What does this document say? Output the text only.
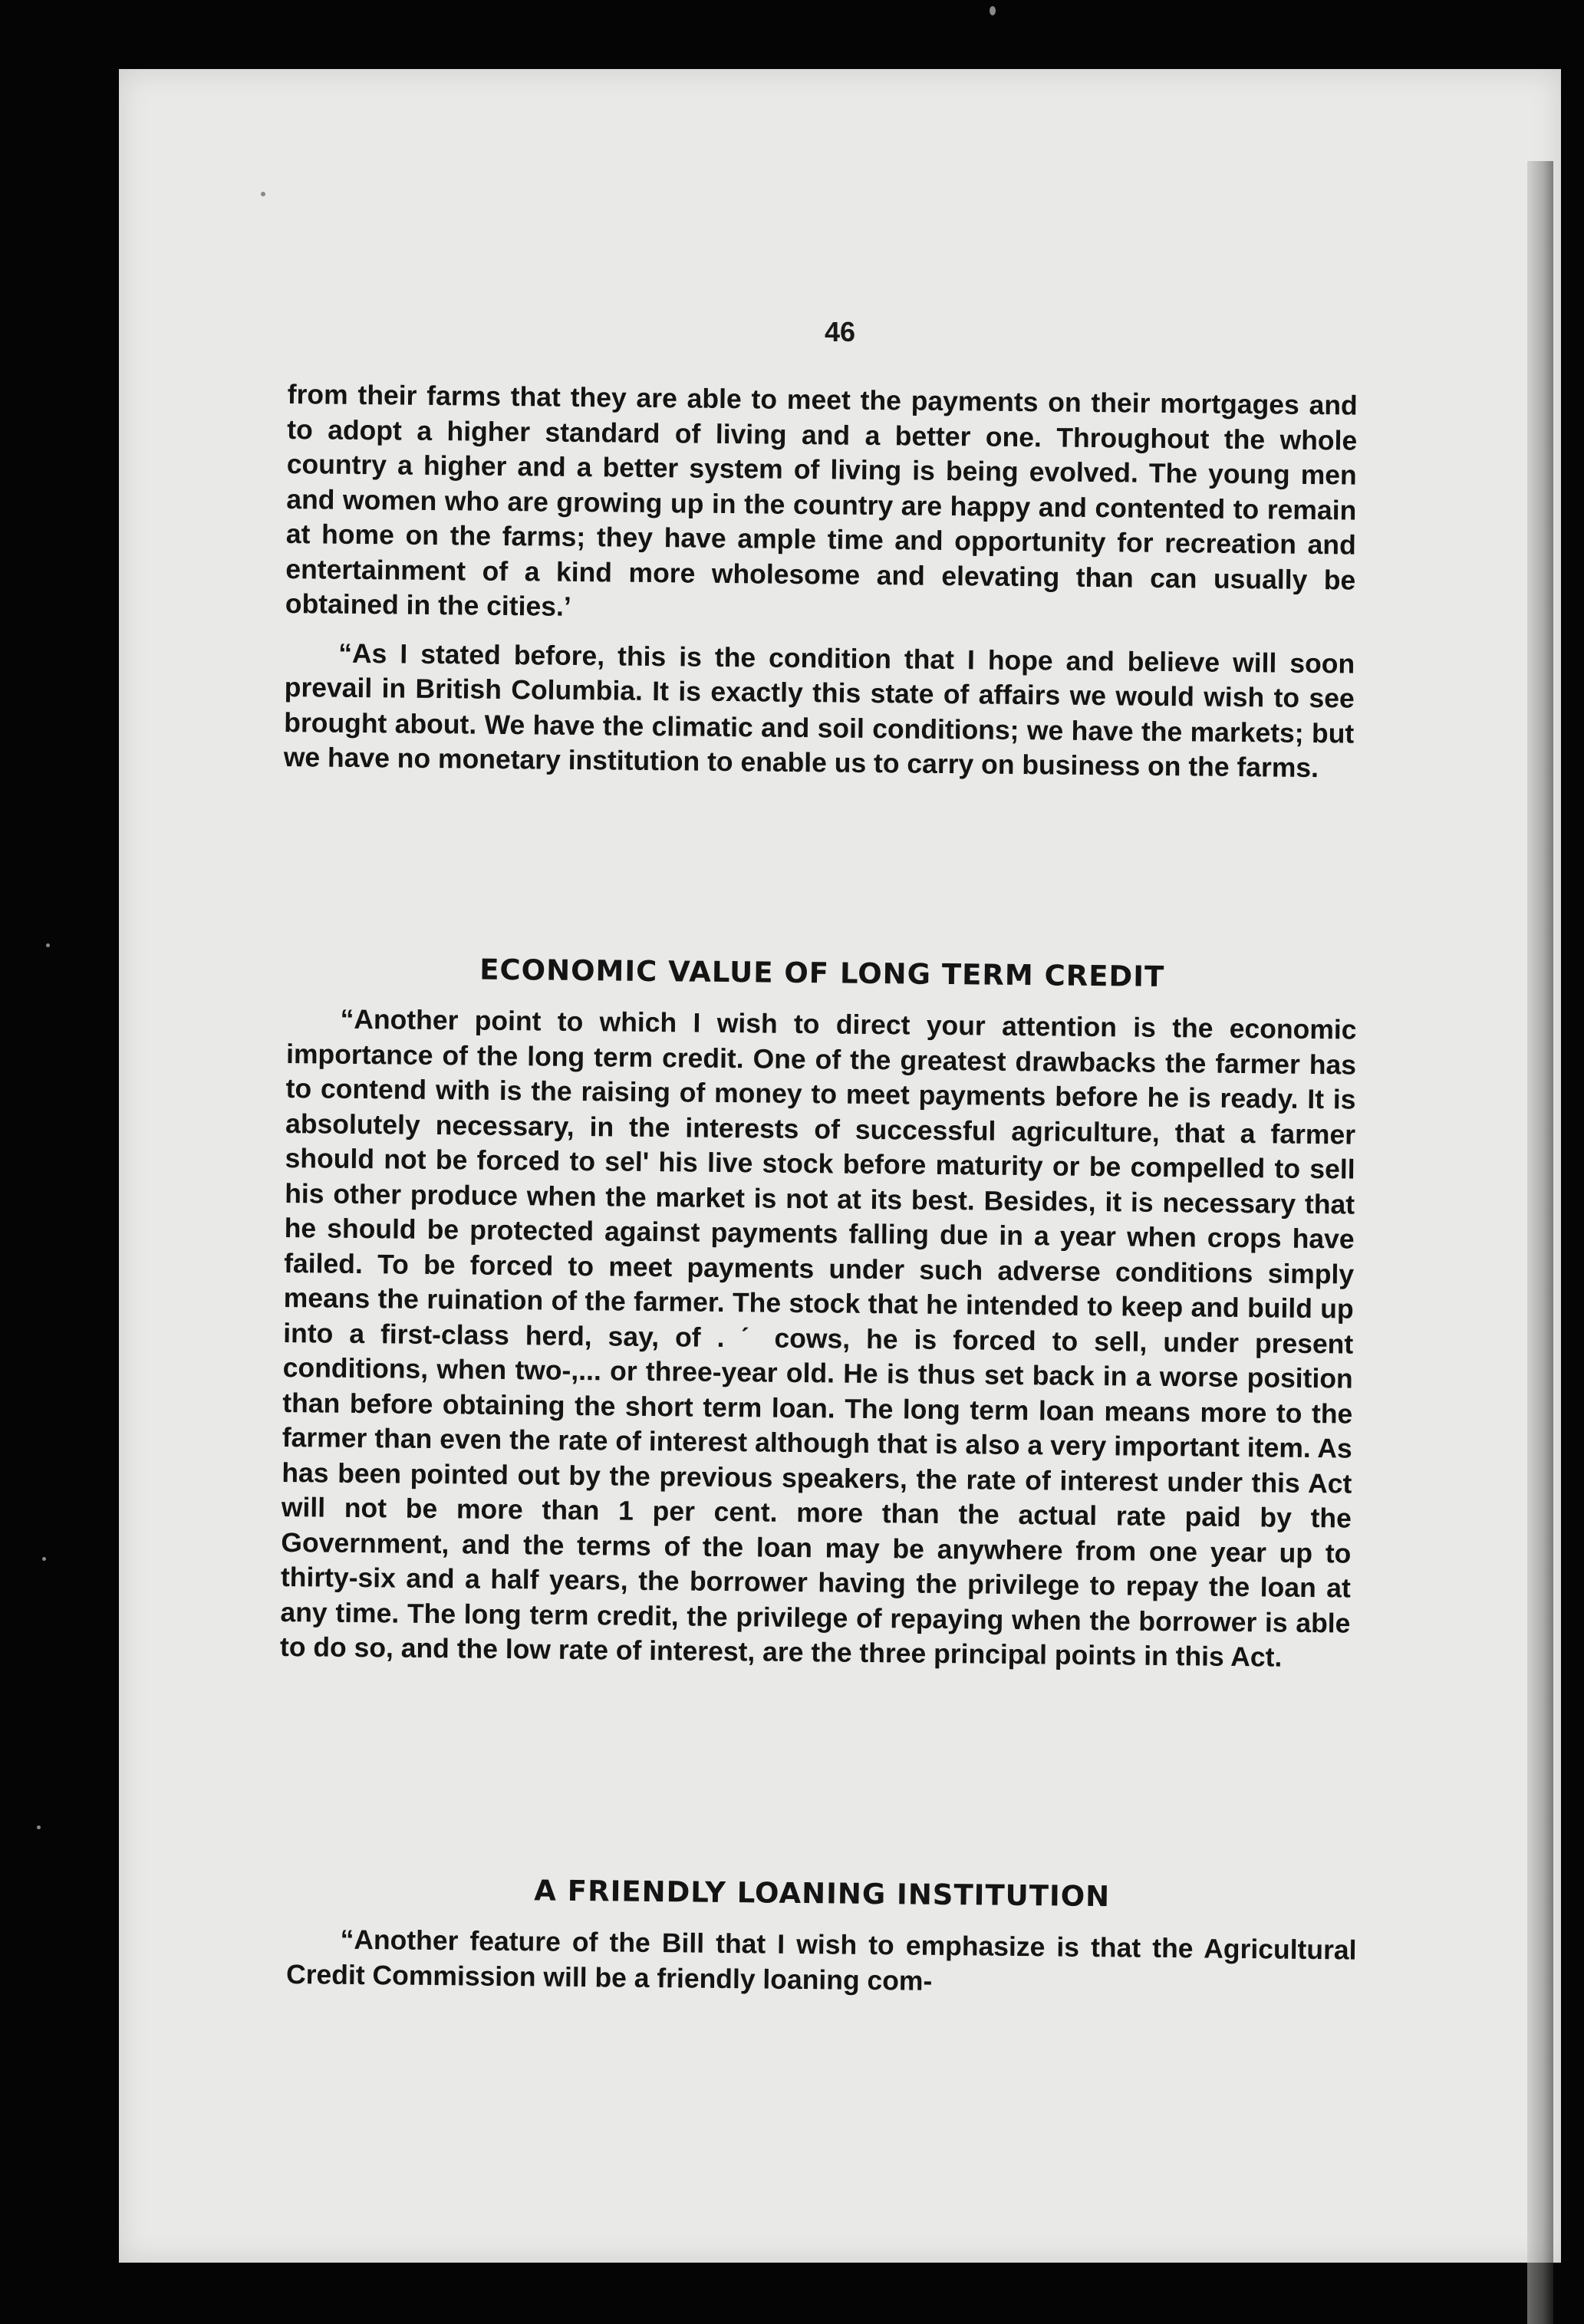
46

from their farms that they are able to meet the payments on their mortgages and to adopt a higher standard of living and a better one. Throughout the whole country a higher and a better system of living is being evolved. The young men and women who are growing up in the country are happy and contented to remain at home on the farms; they have ample time and opportunity for recreation and entertainment of a kind more wholesome and elevating than can usually be obtained in the cities.’

“As I stated before, this is the condition that I hope and believe will soon prevail in British Columbia. It is exactly this state of affairs we would wish to see brought about. We have the climatic and soil conditions; we have the markets; but we have no monetary institution to enable us to carry on business on the farms.

ECONOMIC VALUE OF LONG TERM CREDIT

“Another point to which I wish to direct your attention is the economic importance of the long term credit. One of the greatest drawbacks the farmer has to contend with is the raising of money to meet payments before he is ready. It is absolutely necessary, in the interests of successful agriculture, that a farmer should not be forced to sel' his live stock before maturity or be compelled to sell his other produce when the market is not at its best. Besides, it is necessary that he should be protected against payments falling due in a year when crops have failed. To be forced to meet payments under such adverse conditions simply means the ruination of the farmer. The stock that he intended to keep and build up into a first-class herd, say, of . ˊ cows, he is forced to sell, under present conditions, when two-,... or three-year old. He is thus set back in a worse position than before obtaining the short term loan. The long term loan means more to the farmer than even the rate of interest although that is also a very important item. As has been pointed out by the previous speakers, the rate of interest under this Act will not be more than 1 per cent. more than the actual rate paid by the Government, and the terms of the loan may be anywhere from one year up to thirty-six and a half years, the borrower having the privilege to repay the loan at any time. The long term credit, the privilege of repaying when the borrower is able to do so, and the low rate of interest, are the three principal points in this Act.

A FRIENDLY LOANING INSTITUTION

“Another feature of the Bill that I wish to emphasize is that the Agricultural Credit Commission will be a friendly loaning com-
